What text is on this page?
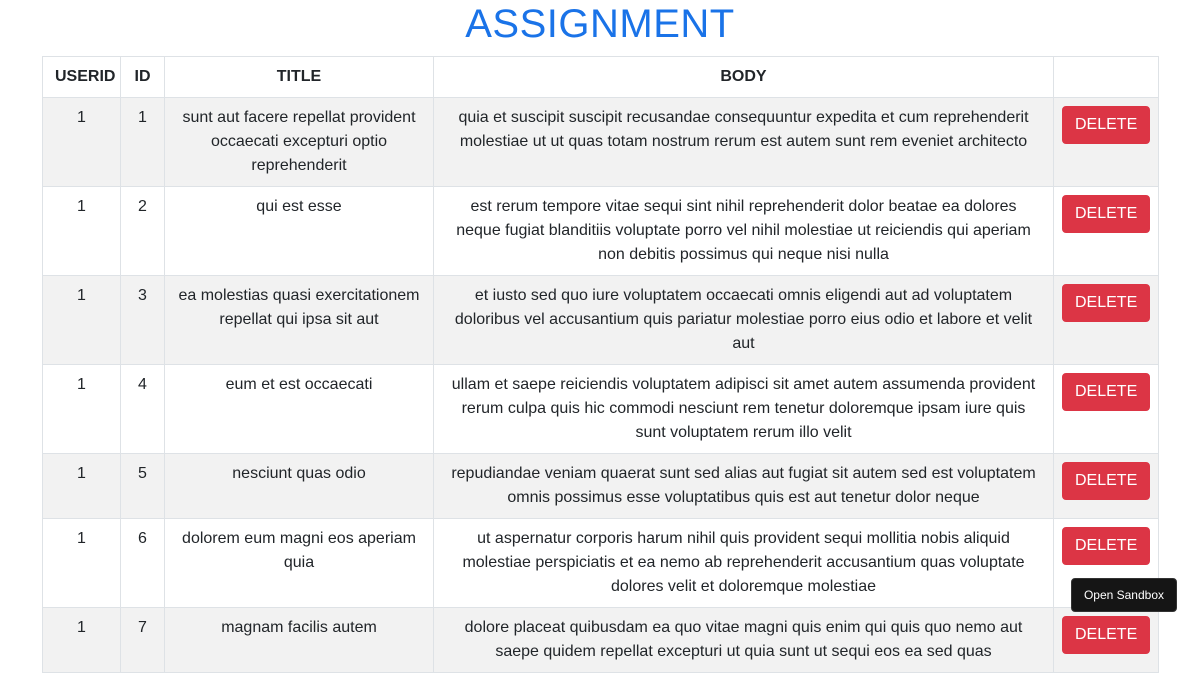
ASSIGNMENT
USERID	ID	TITLE	BODY	
1	1	sunt aut facere repellat provident occaecati excepturi optio reprehenderit	quia et suscipit suscipit recusandae consequuntur expedita et cum reprehenderit molestiae ut ut quas totam nostrum rerum est autem sunt rem eveniet architecto	DELETE
1	2	qui est esse	est rerum tempore vitae sequi sint nihil reprehenderit dolor beatae ea dolores neque fugiat blanditiis voluptate porro vel nihil molestiae ut reiciendis qui aperiam non debitis possimus qui neque nisi nulla	DELETE
1	3	ea molestias quasi exercitationem repellat qui ipsa sit aut	et iusto sed quo iure voluptatem occaecati omnis eligendi aut ad voluptatem doloribus vel accusantium quis pariatur molestiae porro eius odio et labore et velit aut	DELETE
1	4	eum et est occaecati	ullam et saepe reiciendis voluptatem adipisci sit amet autem assumenda provident rerum culpa quis hic commodi nesciunt rem tenetur doloremque ipsam iure quis sunt voluptatem rerum illo velit	DELETE
1	5	nesciunt quas odio	repudiandae veniam quaerat sunt sed alias aut fugiat sit autem sed est voluptatem omnis possimus esse voluptatibus quis est aut tenetur dolor neque	DELETE
1	6	dolorem eum magni eos aperiam quia	ut aspernatur corporis harum nihil quis provident sequi mollitia nobis aliquid molestiae perspiciatis et ea nemo ab reprehenderit accusantium quas voluptate dolores velit et doloremque molestiae	DELETE
1	7	magnam facilis autem	dolore placeat quibusdam ea quo vitae magni quis enim qui quis quo nemo aut saepe quidem repellat excepturi ut quia sunt ut sequi eos ea sed quas	DELETE
Open Sandbox
